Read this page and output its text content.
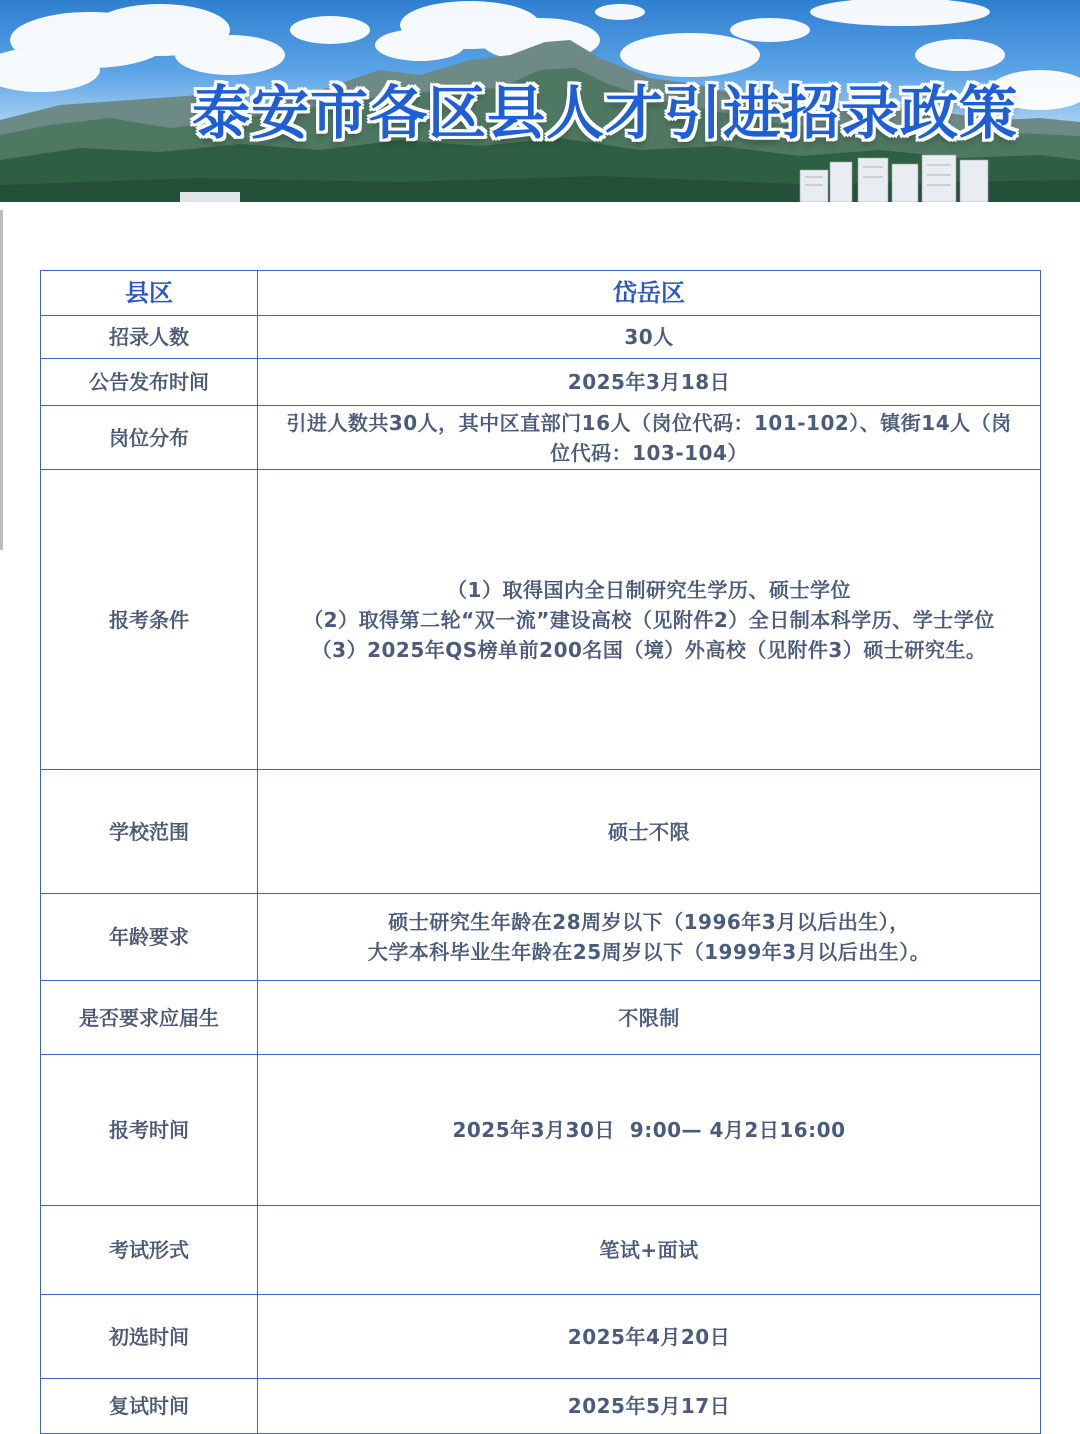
泰安市各区县人才引进招录政策
县区	岱岳区
招录人数	30人

公告发布时间	2025年3月18日

岗位分布	引进人数共30人，其中区直部门16人（岗位代码：101-102）、镇街14人（岗
位代码：103-104）

报考条件	（1）取得国内全日制研究生学历、硕士学位
（2）取得第二轮“双一流”建设高校（见附件2）全日制本科学历、学士学位
（3）2025年QS榜单前200名国（境）外高校（见附件3）硕士研究生。

学校范围	硕士不限

年龄要求	硕士研究生年龄在28周岁以下（1996年3月以后出生），
大学本科毕业生年龄在25周岁以下（1999年3月以后出生）。

是否要求应届生	不限制

报考时间	2025年3月30日  9:00— 4月2日16:00

考试形式	笔试+面试

初选时间	2025年4月20日

复试时间	2025年5月17日
